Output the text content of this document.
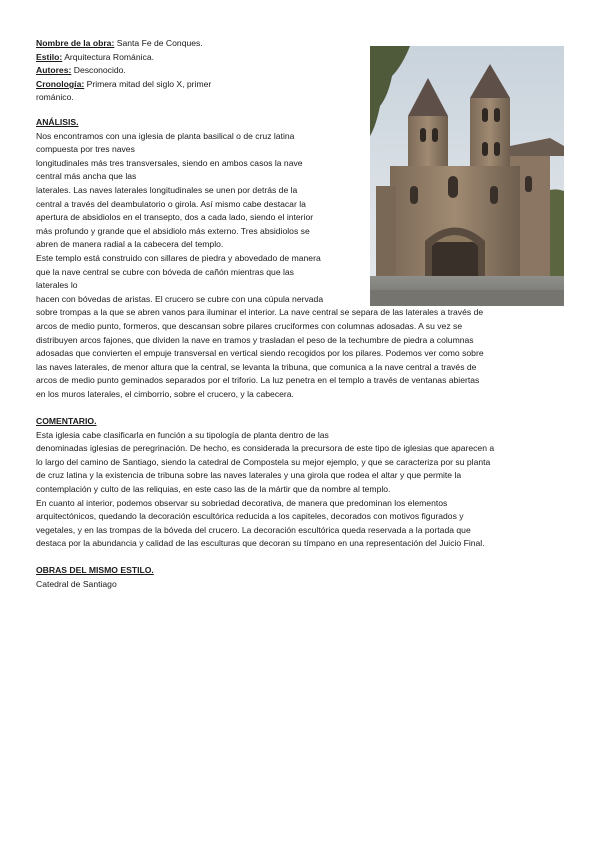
Nombre de la obra: Santa Fe de Conques.
Estilo: Arquitectura Románica.
Autores: Desconocido.
Cronología: Primera mitad del siglo X, primer
románico.
ANÁLISIS.
Nos encontramos con una iglesia de planta basilical o de cruz latina
compuesta por tres naves
longitudinales más tres transversales, siendo en ambos casos la nave
central más ancha que las
laterales. Las naves laterales longitudinales se unen por detrás de la
central a través del deambulatorio o girola. Así mismo cabe destacar la
apertura de absidiolos en el transepto, dos a cada lado, siendo el interior
más profundo y grande que el absidiolo más externo. Tres absidiolos se
abren de manera radial a la cabecera del templo.
Este templo está construido con sillares de piedra y abovedado de manera
que la nave central se cubre con bóveda de cañón mientras que las
laterales lo
hacen con bóvedas de aristas. El crucero se cubre con una cúpula nervada
sobre trompas a la que se abren vanos para iluminar el interior. La nave central se separa de las laterales a través de
arcos de medio punto, formeros, que descansan sobre pilares cruciformes con columnas adosadas. A su vez se
distribuyen arcos fajones, que dividen la nave en tramos y trasladan el peso de la techumbre de piedra a columnas
adosadas que convierten el empuje transversal en vertical siendo recogidos por los pilares. Podemos ver como sobre
las naves laterales, de menor altura que la central, se levanta la tribuna, que comunica a la nave central a través de
arcos de medio punto geminados separados por el triforio. La luz penetra en el templo a través de ventanas abiertas
en los muros laterales, el cimborrio, sobre el crucero, y la cabecera.
COMENTARIO.
Esta iglesia cabe clasificarla en función a su tipología de planta dentro de las
denominadas iglesias de peregrinación. De hecho, es considerada la precursora de este tipo de iglesias que aparecen a
lo largo del camino de Santiago, siendo la catedral de Compostela su mejor ejemplo, y que se caracteriza por su planta
de cruz latina y la existencia de tribuna sobre las naves laterales y una girola que rodea el altar y que permite la
contemplación y culto de las reliquias, en este caso las de la mártir que da nombre al templo.
En cuanto al interior, podemos observar su sobriedad decorativa, de manera que predominan los elementos
arquitectónicos, quedando la decoración escultórica reducida a los capiteles, decorados con motivos figurados y
vegetales, y en las trompas de la bóveda del crucero. La decoración escultórica queda reservada a la portada que
destaca por la abundancia y calidad de las esculturas que decoran su tímpano en una representación del Juicio Final.
OBRAS DEL MISMO ESTILO.
Catedral de Santiago
